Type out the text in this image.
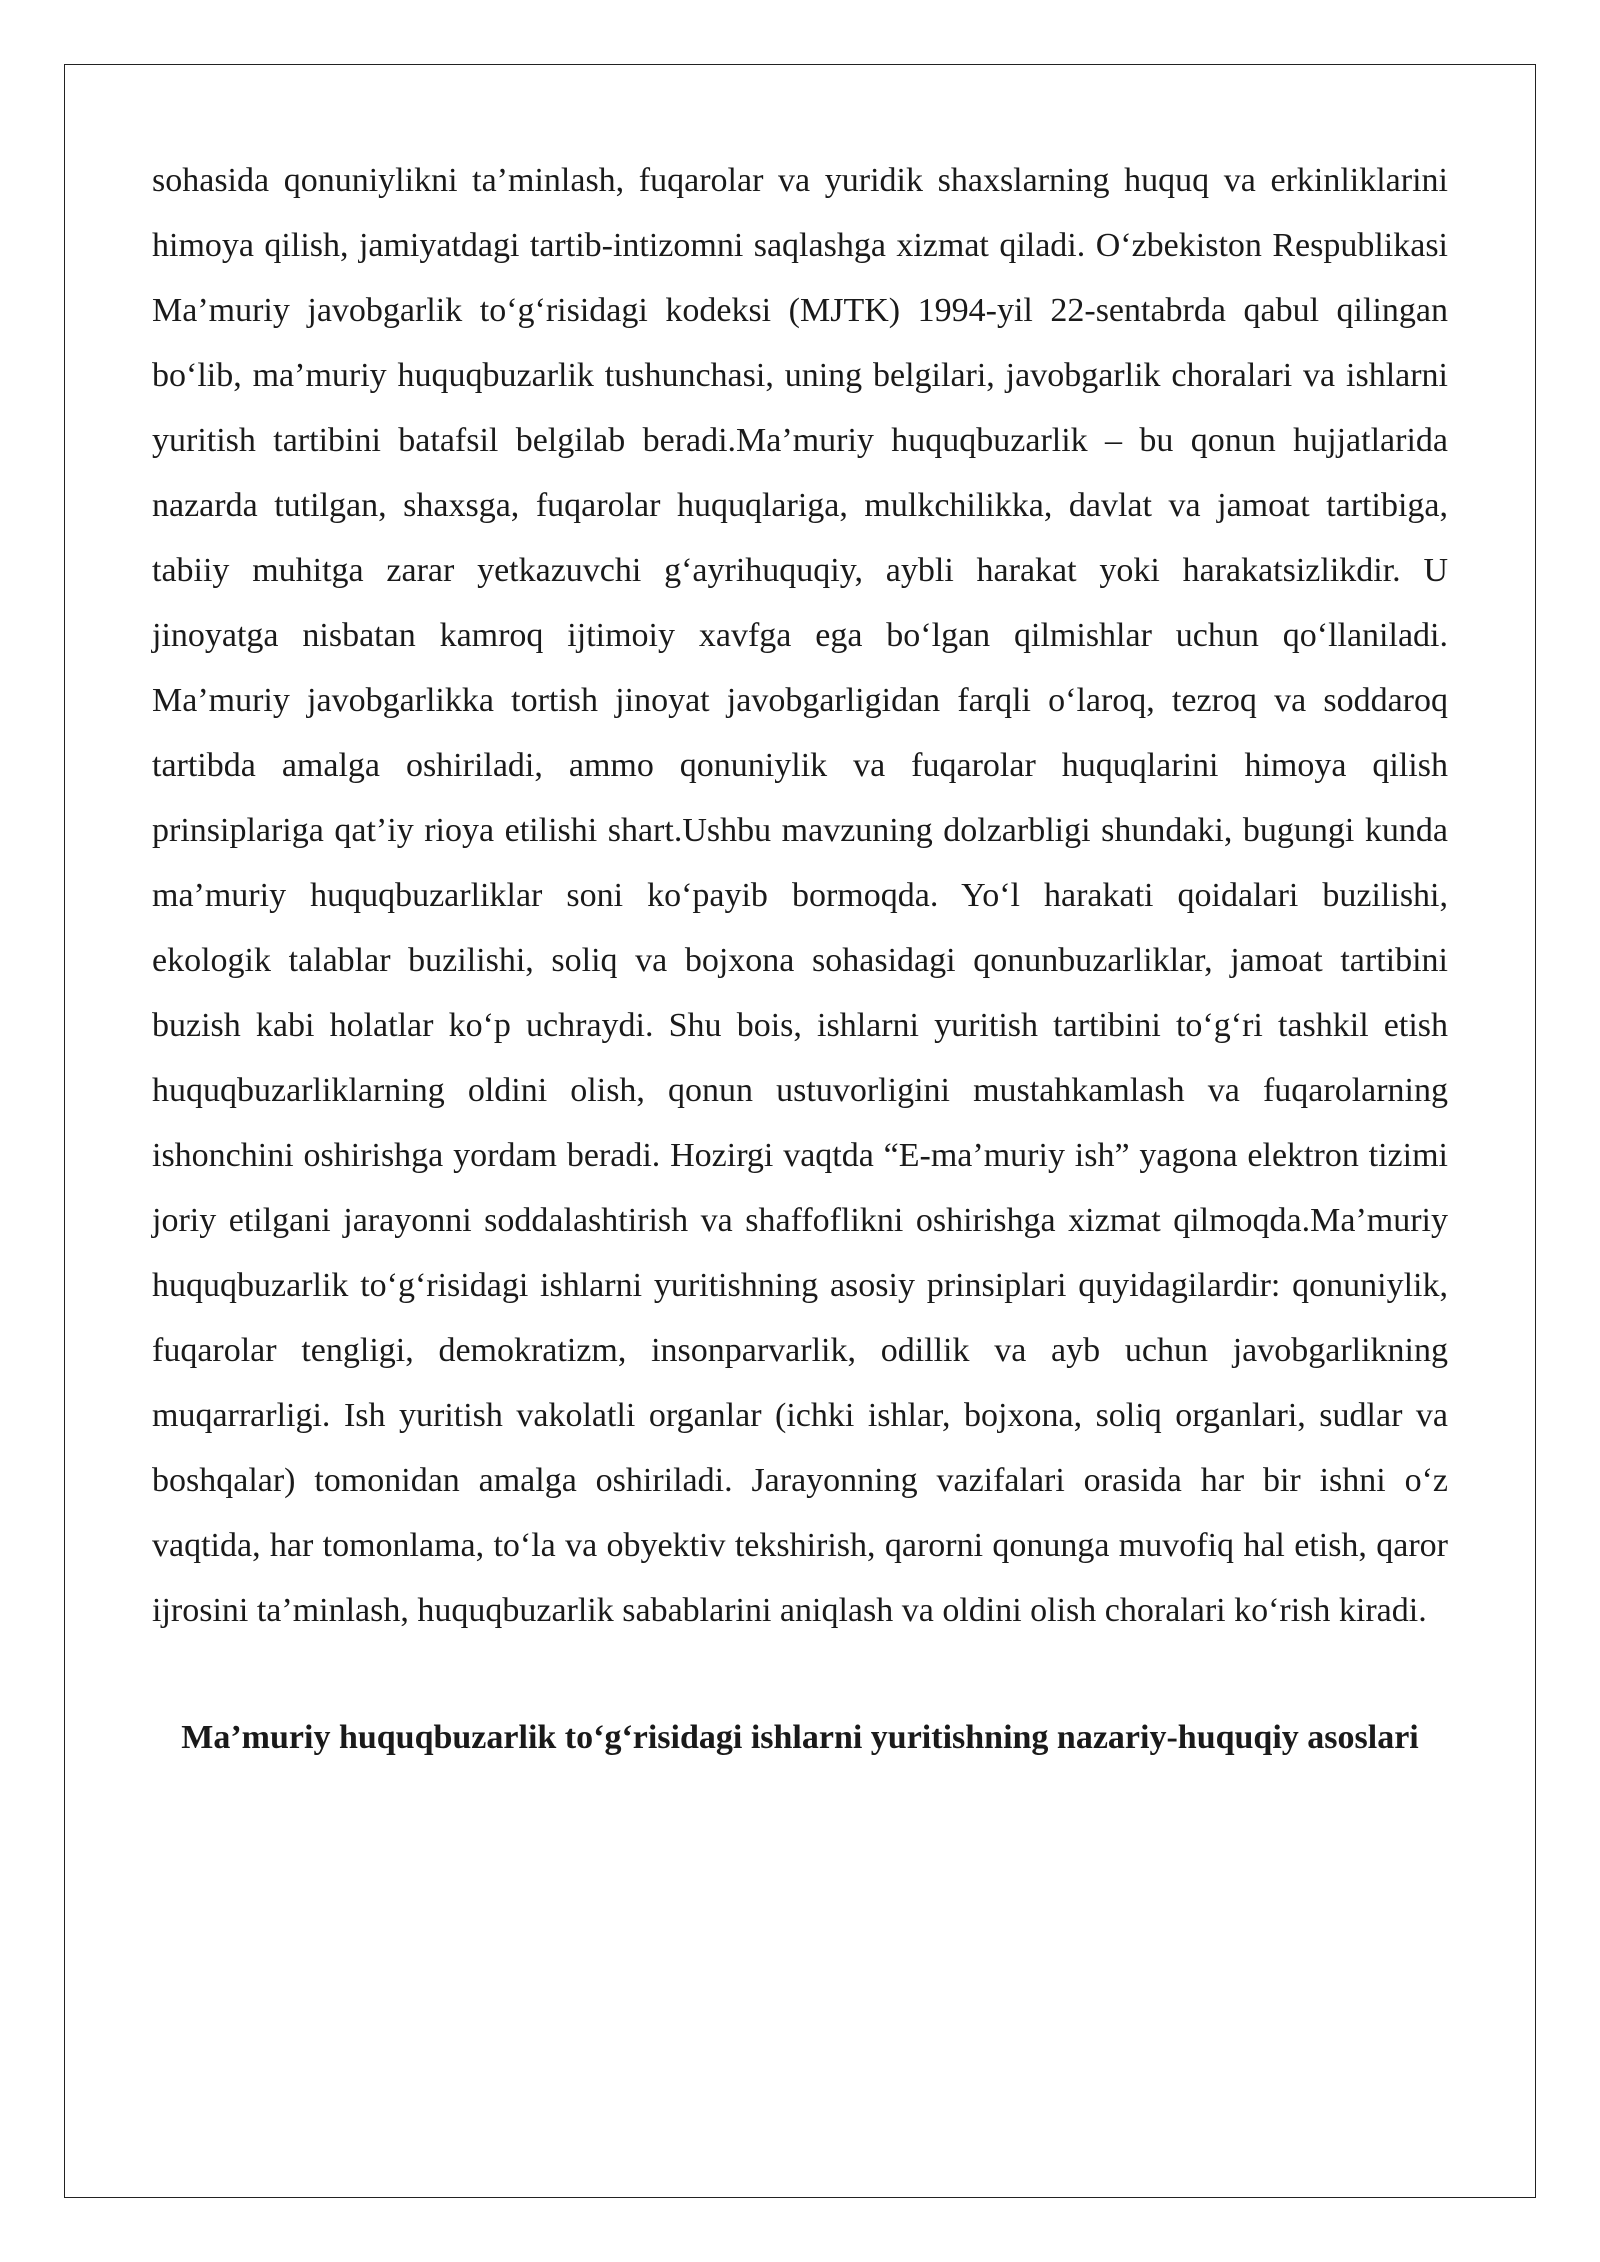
sohasida qonuniylikni ta’minlash, fuqarolar va yuridik shaxslarning huquq va erkinliklarini himoya qilish, jamiyatdagi tartib-intizomni saqlashga xizmat qiladi. O‘zbekiston Respublikasi Ma’muriy javobgarlik to‘g‘risidagi kodeksi (MJTK) 1994-yil 22-sentabrda qabul qilingan bo‘lib, ma’muriy huquqbuzarlik tushunchasi, uning belgilari, javobgarlik choralari va ishlarni yuritish tartibini batafsil belgilab beradi.Ma’muriy huquqbuzarlik – bu qonun hujjatlarida nazarda tutilgan, shaxsga, fuqarolar huquqlariga, mulkchilikka, davlat va jamoat tartibiga, tabiiy muhitga zarar yetkazuvchi g‘ayrihuquqiy, aybli harakat yoki harakatsizlikdir. U jinoyatga nisbatan kamroq ijtimoiy xavfga ega bo‘lgan qilmishlar uchun qo‘llaniladi. Ma’muriy javobgarlikka tortish jinoyat javobgarligidan farqli o‘laroq, tezroq va soddaroq tartibda amalga oshiriladi, ammo qonuniylik va fuqarolar huquqlarini himoya qilish prinsiplariga qat’iy rioya etilishi shart.Ushbu mavzuning dolzarbligi shundaki, bugungi kunda ma’muriy huquqbuzarliklar soni ko‘payib bormoqda. Yo‘l harakati qoidalari buzilishi, ekologik talablar buzilishi, soliq va bojxona sohasidagi qonunbuzarliklar, jamoat tartibini buzish kabi holatlar ko‘p uchraydi. Shu bois, ishlarni yuritish tartibini to‘g‘ri tashkil etish huquqbuzarliklarning oldini olish, qonun ustuvorligini mustahkamlash va fuqarolarning ishonchini oshirishga yordam beradi. Hozirgi vaqtda “E-ma’muriy ish” yagona elektron tizimi joriy etilgani jarayonni soddalashtirish va shaffoflikni oshirishga xizmat qilmoqda.Ma’muriy huquqbuzarlik to‘g‘risidagi ishlarni yuritishning asosiy prinsiplari quyidagilardir: qonuniylik, fuqarolar tengligi, demokratizm, insonparvarlik, odillik va ayb uchun javobgarlikning muqarrarligi. Ish yuritish vakolatli organlar (ichki ishlar, bojxona, soliq organlari, sudlar va boshqalar) tomonidan amalga oshiriladi. Jarayonning vazifalari orasida har bir ishni o‘z vaqtida, har tomonlama, to‘la va obyektiv tekshirish, qarorni qonunga muvofiq hal etish, qaror ijrosini ta’minlash, huquqbuzarlik sabablarini aniqlash va oldini olish choralari ko‘rish kiradi.

Ma’muriy huquqbuzarlik to‘g‘risidagi ishlarni yuritishning nazariy-huquqiy asoslari
